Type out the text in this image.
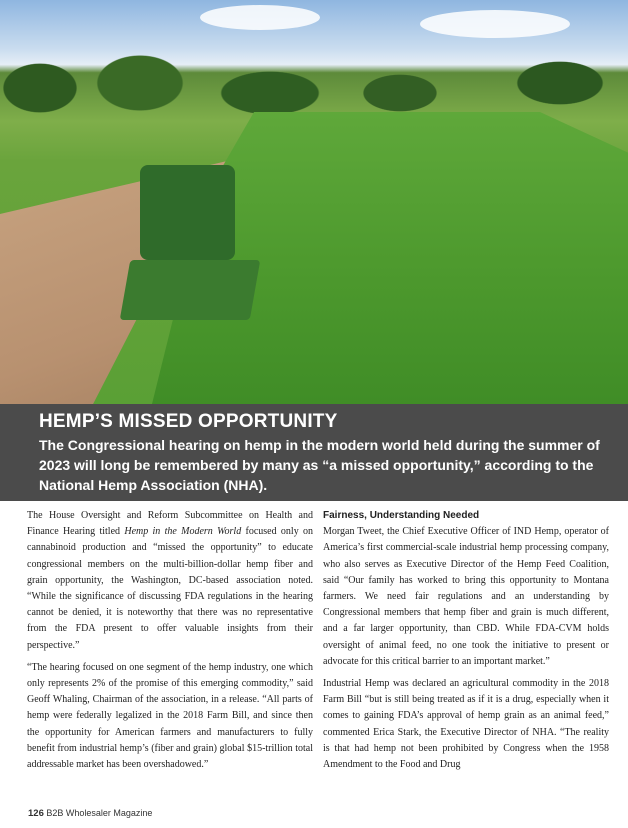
HEMP’S MISSED OPPORTUNITY
The Congressional hearing on hemp in the modern world held during the summer of 2023 will long be remembered by many as “a missed opportunity,” according to the National Hemp Association (NHA).

The House Oversight and Reform Subcommittee on Health and Finance Hearing titled Hemp in the Modern World focused only on cannabinoid production and “missed the opportunity” to educate congressional members on the multi-billion-dollar hemp fiber and grain opportunity, the Washington, DC-based association noted. “While the significance of discussing FDA regulations in the hearing cannot be denied, it is noteworthy that there was no representative from the FDA present to offer valuable insights from their perspective.”

“The hearing focused on one segment of the hemp industry, one which only represents 2% of the promise of this emerging commodity,” said Geoff Whaling, Chairman of the association, in a release. “All parts of hemp were federally legalized in the 2018 Farm Bill, and since then the opportunity for American farmers and manufacturers to fully benefit from industrial hemp’s (fiber and grain) global $15-trillion total addressable market has been overshadowed.”

Fairness, Understanding Needed

Morgan Tweet, the Chief Executive Officer of IND Hemp, operator of America’s first commercial-scale industrial hemp processing company, who also serves as Executive Director of the Hemp Feed Coalition, said “Our family has worked to bring this opportunity to Montana farmers. We need fair regulations and an understanding by Congressional members that hemp fiber and grain is much different, and a far larger opportunity, than CBD. While FDA-CVM holds oversight of animal feed, no one took the initiative to present or advocate for this critical barrier to an important market.”

Industrial Hemp was declared an agricultural commodity in the 2018 Farm Bill “but is still being treated as if it is a drug, especially when it comes to gaining FDA’s approval of hemp grain as an animal feed,” commented Erica Stark, the Executive Director of NHA. “The reality is that had hemp not been prohibited by Congress when the 1958 Amendment to the Food and Drug

126 B2B Wholesaler Magazine
